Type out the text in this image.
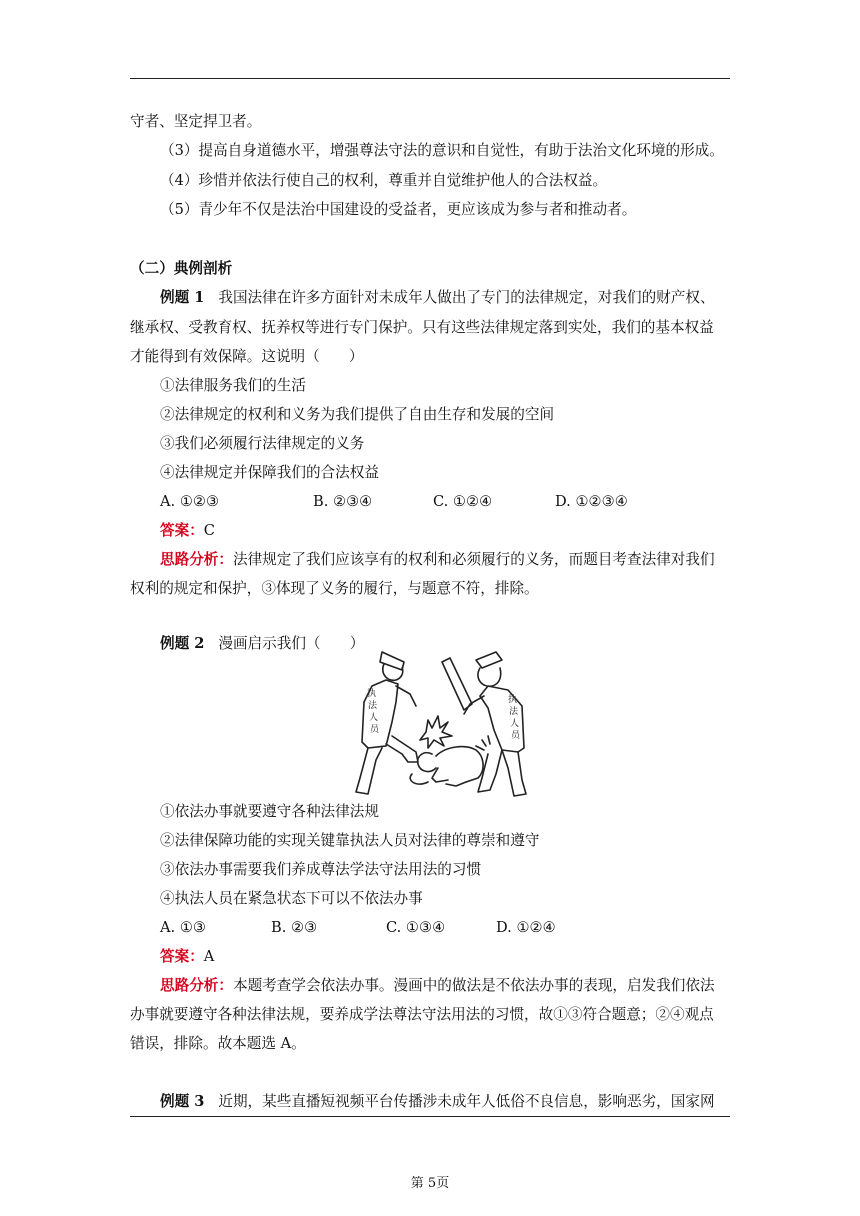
守者、坚定捍卫者。
（3）提高自身道德水平，增强尊法守法的意识和自觉性，有助于法治文化环境的形成。
（4）珍惜并依法行使自己的权利，尊重并自觉维护他人的合法权益。
（5）青少年不仅是法治中国建设的受益者，更应该成为参与者和推动者。
（二）典例剖析
例题 1 我国法律在许多方面针对未成年人做出了专门的法律规定，对我们的财产权、
继承权、受教育权、抚养权等进行专门保护。只有这些法律规定落到实处，我们的基本权益
才能得到有效保障。这说明（　　）
①法律服务我们的生活
②法律规定的权利和义务为我们提供了自由生存和发展的空间
③我们必须履行法律规定的义务
④法律规定并保障我们的合法权益
A. ①②③	B. ②③④	C. ①②④	D. ①②③④
答案：C
思路分析：法律规定了我们应该享有的权利和必须履行的义务，而题目考查法律对我们
权利的规定和保护，③体现了义务的履行，与题意不符，排除。
例题 2 漫画启示我们（　　）
执
法
人
员
执
法
人
员
①依法办事就要遵守各种法律法规
②法律保障功能的实现关键靠执法人员对法律的尊崇和遵守
③依法办事需要我们养成尊法学法守法用法的习惯
④执法人员在紧急状态下可以不依法办事
A. ①③	B. ②③	C. ①③④	D. ①②④
答案：A
思路分析：本题考查学会依法办事。漫画中的做法是不依法办事的表现，启发我们依法
办事就要遵守各种法律法规，要养成学法尊法守法用法的习惯，故①③符合题意；②④观点
错误，排除。故本题选 A。
例题 3 近期，某些直播短视频平台传播涉未成年人低俗不良信息，影响恶劣，国家网
第 5页
